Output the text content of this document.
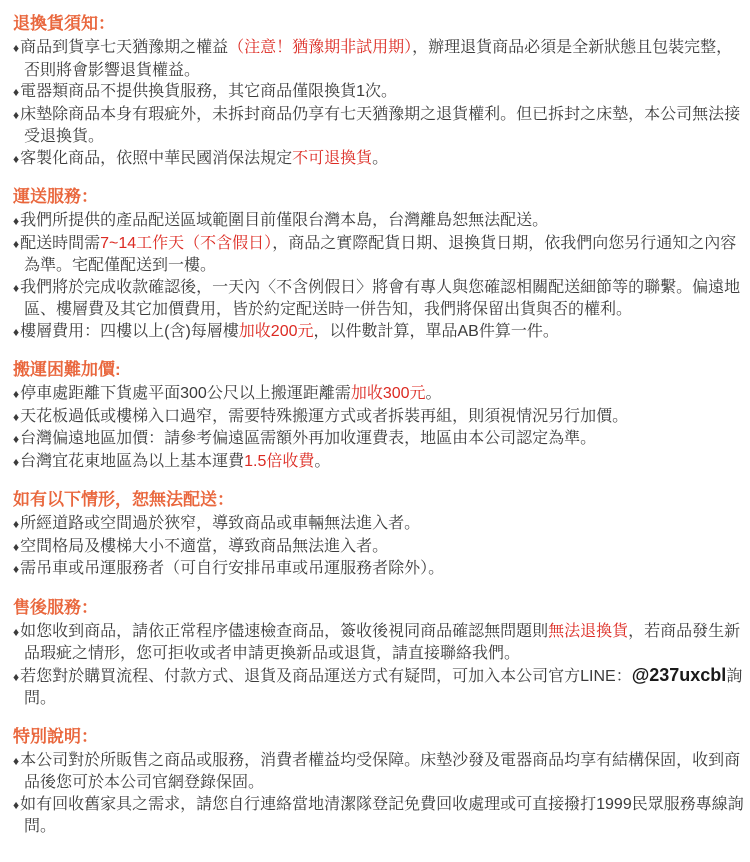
退換貨須知：
♦商品到貨享七天猶豫期之權益（注意！猶豫期非試用期），辦理退貨商品必須是全新狀態且包裝完整，否則將會影響退貨權益。
♦電器類商品不提供換貨服務，其它商品僅限換貨1次。
♦床墊除商品本身有瑕疵外，未拆封商品仍享有七天猶豫期之退貨權利。但已拆封之床墊，本公司無法接受退換貨。
♦客製化商品，依照中華民國消保法規定不可退換貨。
運送服務：
♦我們所提供的產品配送區域範圍目前僅限台灣本島，台灣離島恕無法配送。
♦配送時間需7~14工作天（不含假日），商品之實際配貨日期、退換貨日期，依我們向您另行通知之內容為準。宅配僅配送到一樓。
♦我們將於完成收款確認後，一天內〈不含例假日〉將會有專人與您確認相關配送細節等的聯繫。偏遠地區、樓層費及其它加價費用，皆於約定配送時一併告知，我們將保留出貨與否的權利。
♦樓層費用：四樓以上(含)每層樓加收200元，以件數計算，單品AB件算一件。
搬運困難加價:
♦停車處距離下貨處平面300公尺以上搬運距離需加收300元。
♦天花板過低或樓梯入口過窄，需要特殊搬運方式或者拆裝再組，則須視情況另行加價。
♦台灣偏遠地區加價：請參考偏遠區需額外再加收運費表，地區由本公司認定為準。
♦台灣宜花東地區為以上基本運費1.5倍收費。
如有以下情形，恕無法配送：
♦所經道路或空間過於狹窄，導致商品或車輛無法進入者。
♦空間格局及樓梯大小不適當，導致商品無法進入者。
♦需吊車或吊運服務者（可自行安排吊車或吊運服務者除外）。
售後服務：
♦如您收到商品，請依正常程序儘速檢查商品，簽收後視同商品確認無問題則無法退換貨，若商品發生新品瑕疵之情形，您可拒收或者申請更換新品或退貨，請直接聯絡我們。
♦若您對於購買流程、付款方式、退貨及商品運送方式有疑問，可加入本公司官方LINE：@237uxcbl詢問。
特別說明：
♦本公司對於所販售之商品或服務，消費者權益均受保障。床墊沙發及電器商品均享有結構保固，收到商品後您可於本公司官網登錄保固。
♦如有回收舊家具之需求，請您自行連絡當地清潔隊登記免費回收處理或可直接撥打1999民眾服務專線詢問。
